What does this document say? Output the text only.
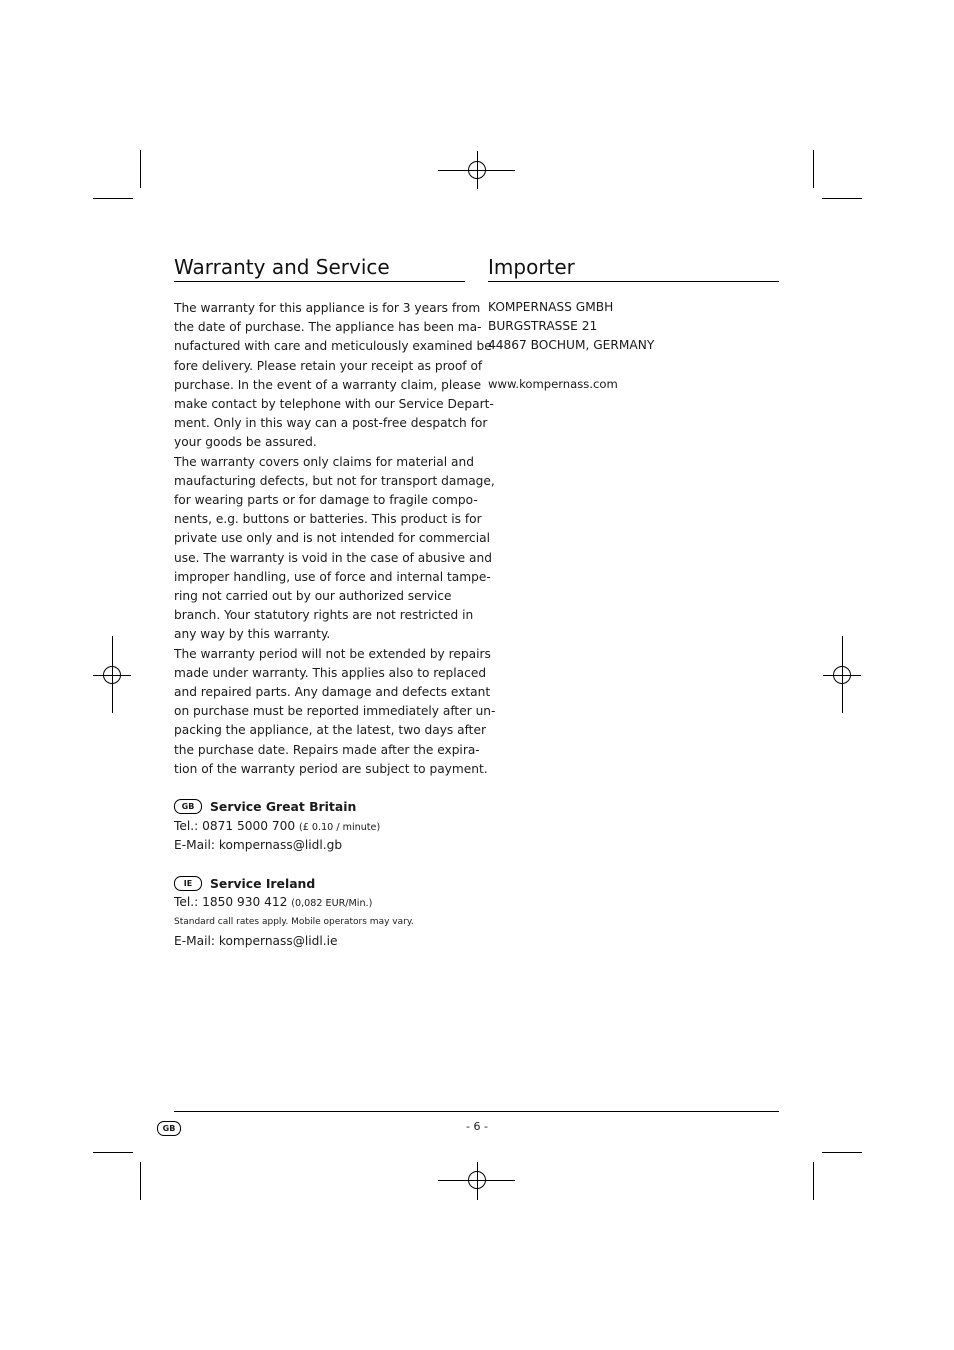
Warranty and Service
The warranty for this appliance is for 3 years from
the date of purchase. The appliance has been ma-
nufactured with care and meticulously examined be-
fore delivery. Please retain your receipt as proof of
purchase. In the event of a warranty claim, please
make contact by telephone with our Service Depart-
ment. Only in this way can a post-free despatch for
your goods be assured.
The warranty covers only claims for material and
maufacturing defects, but not for transport damage,
for wearing parts or for damage to fragile compo-
nents, e.g. buttons or batteries. This product is for
private use only and is not intended for commercial
use. The warranty is void in the case of abusive and
improper handling, use of force and internal tampe-
ring not carried out by our authorized service
branch. Your statutory rights are not restricted in
any way by this warranty.
The warranty period will not be extended by repairs
made under warranty. This applies also to replaced
and repaired parts. Any damage and defects extant
on purchase must be reported immediately after un-
packing the appliance, at the latest, two days after
the purchase date. Repairs made after the expira-
tion of the warranty period are subject to payment.
GB	Service Great Britain
Tel.: 0871 5000 700 (£ 0.10 / minute)
E-Mail: kompernass@lidl.gb
IE	Service Ireland
Tel.: 1850 930 412 (0,082 EUR/Min.)
Standard call rates apply. Mobile operators may vary.
E-Mail: kompernass@lidl.ie
Importer
KOMPERNASS GMBH
BURGSTRASSE 21
44867 BOCHUM, GERMANY
www.kompernass.com
GB	- 6 -
